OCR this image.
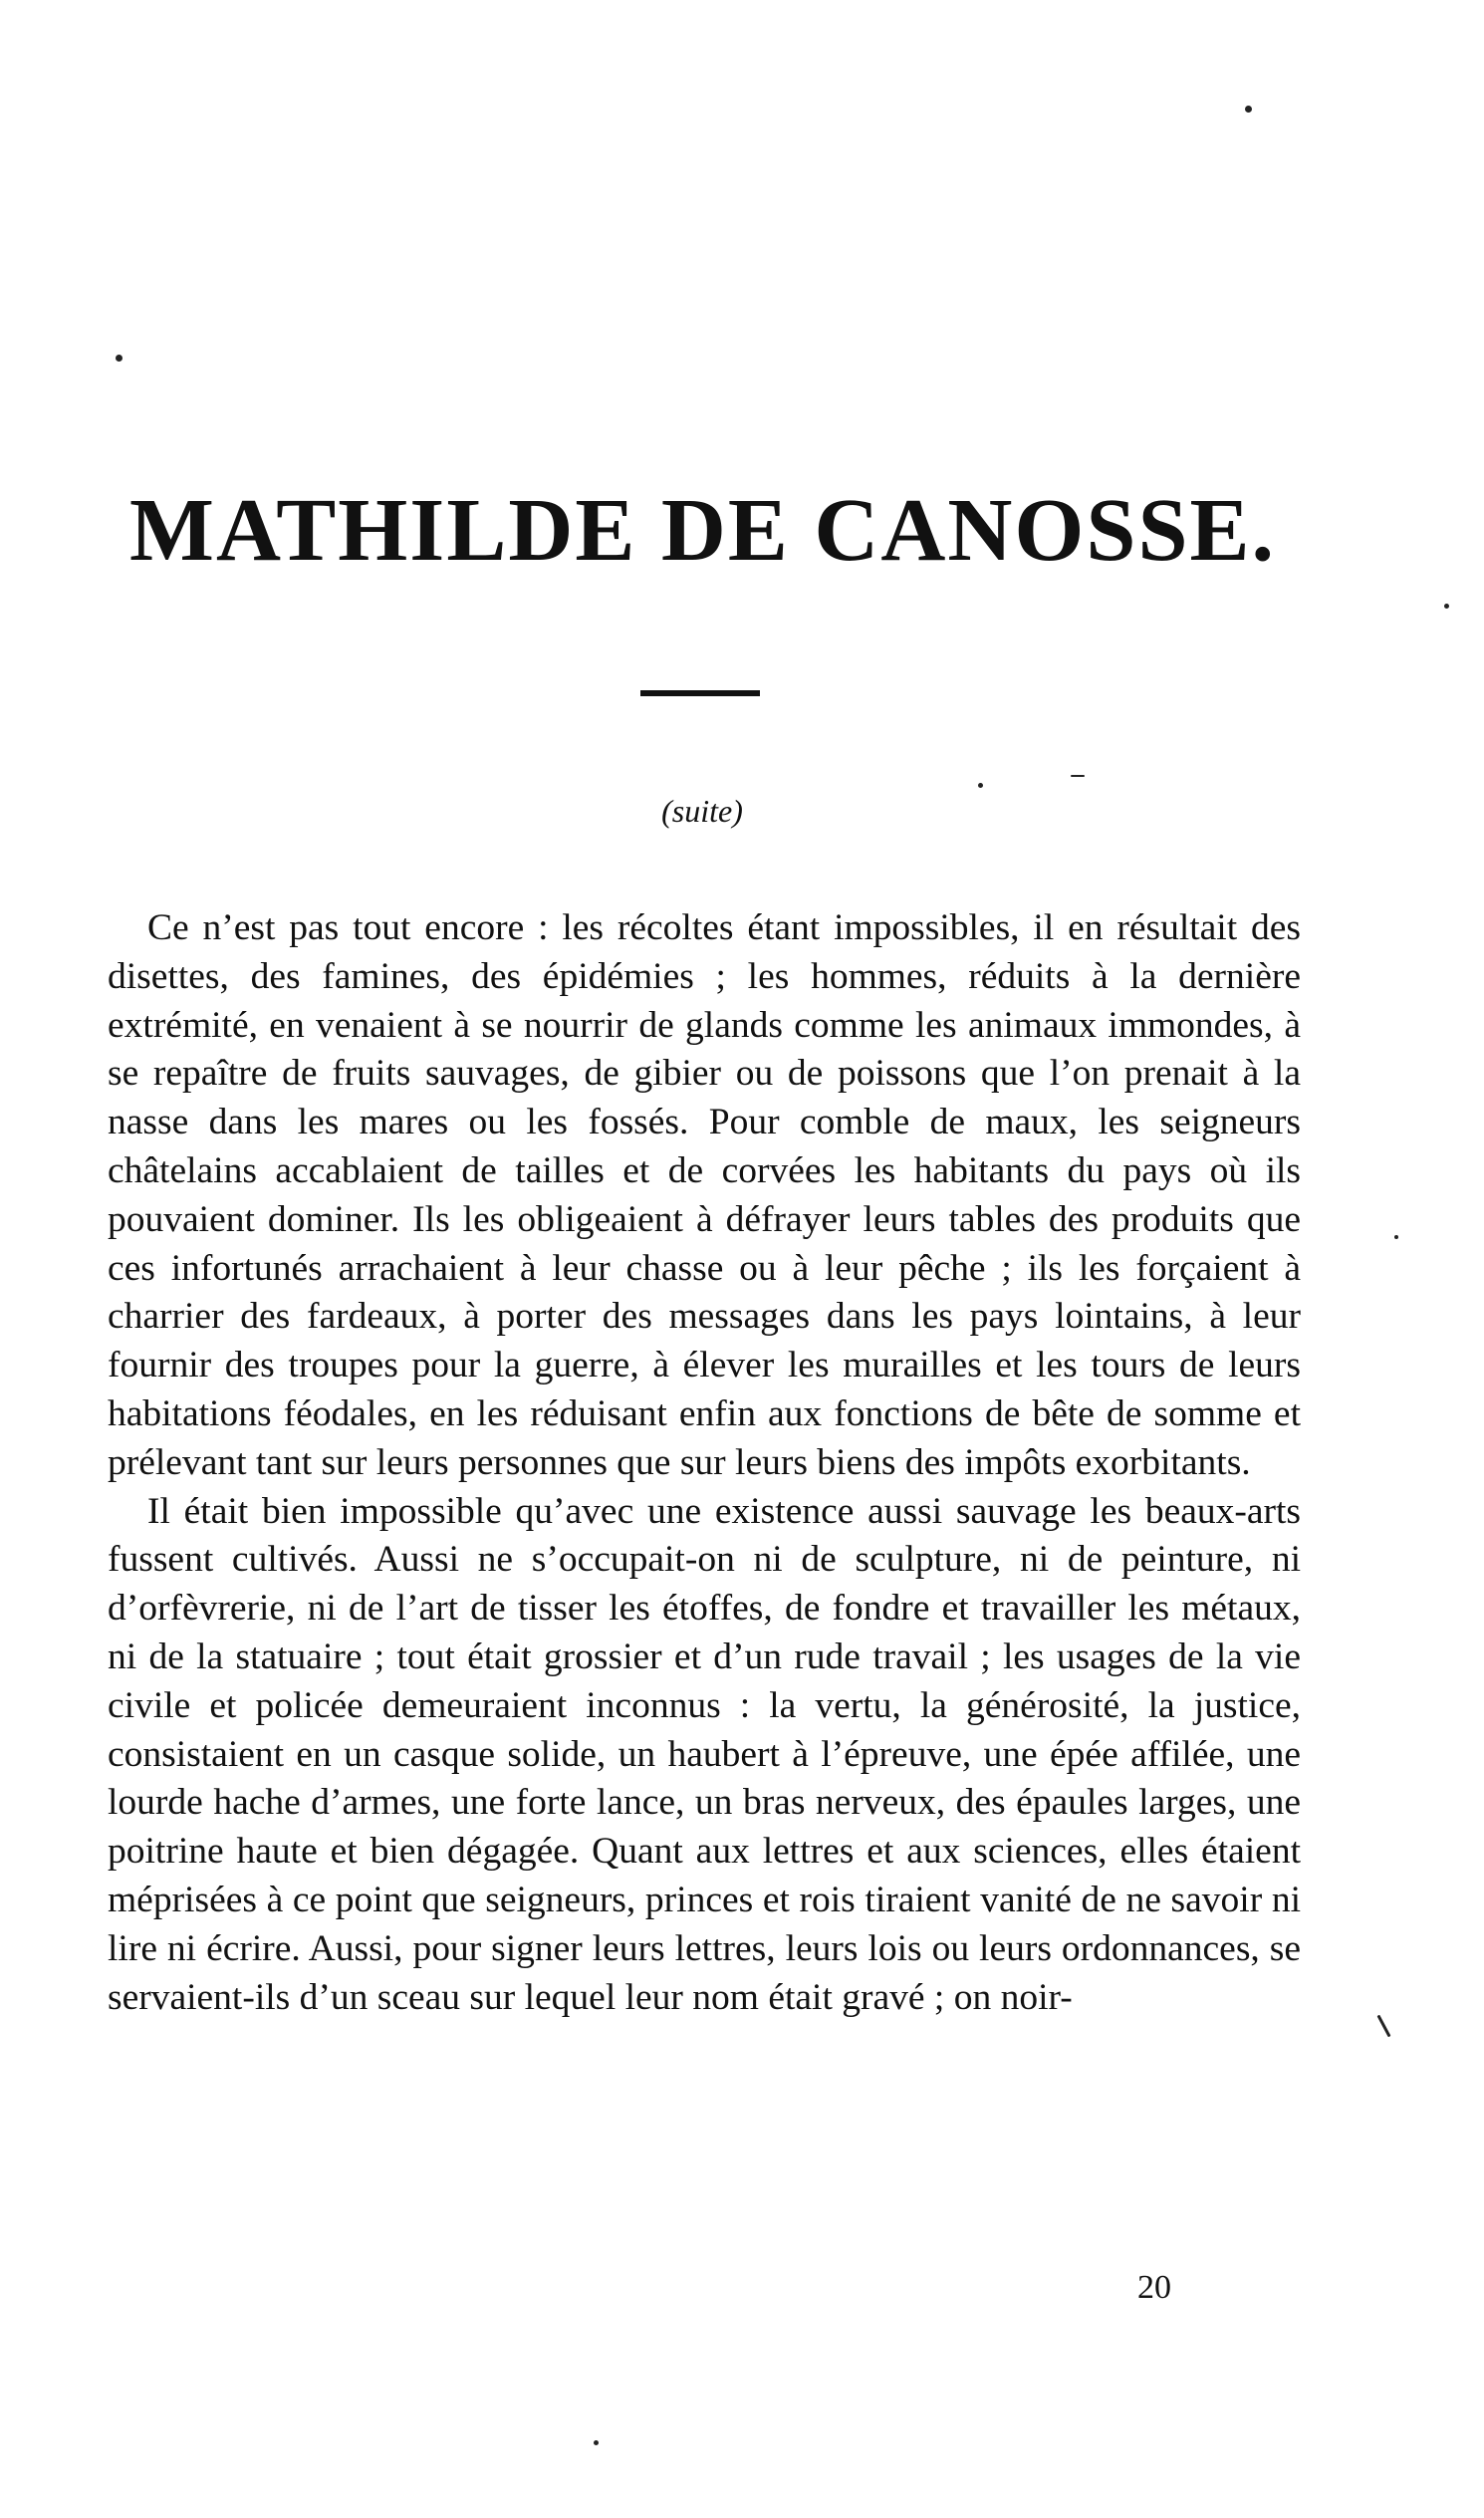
MATHILDE DE CANOSSE.
(suite)

Ce n’est pas tout encore : les récoltes étant impossibles, il en résultait des disettes, des famines, des épidémies ; les hommes, réduits à la dernière extrémité, en venaient à se nourrir de glands comme les animaux immondes, à se repaître de fruits sauvages, de gibier ou de poissons que l’on prenait à la nasse dans les mares ou les fossés. Pour comble de maux, les seigneurs châtelains accablaient de tailles et de corvées les habitants du pays où ils pouvaient dominer. Ils les obligeaient à défrayer leurs tables des produits que ces infortunés arrachaient à leur chasse ou à leur pêche ; ils les forçaient à charrier des fardeaux, à porter des messages dans les pays lointains, à leur fournir des troupes pour la guerre, à élever les murailles et les tours de leurs habitations féodales, en les réduisant enfin aux fonctions de bête de somme et prélevant tant sur leurs personnes que sur leurs biens des impôts exorbitants.

Il était bien impossible qu’avec une existence aussi sauvage les beaux-arts fussent cultivés. Aussi ne s’occupait-on ni de sculpture, ni de peinture, ni d’orfèvrerie, ni de l’art de tisser les étoffes, de fondre et travailler les métaux, ni de la statuaire ; tout était grossier et d’un rude travail ; les usages de la vie civile et policée demeuraient inconnus : la vertu, la générosité, la justice, consistaient en un casque solide, un haubert à l’épreuve, une épée affilée, une lourde hache d’armes, une forte lance, un bras nerveux, des épaules larges, une poitrine haute et bien dégagée. Quant aux lettres et aux sciences, elles étaient méprisées à ce point que seigneurs, princes et rois tiraient vanité de ne savoir ni lire ni écrire. Aussi, pour signer leurs lettres, leurs lois ou leurs ordonnances, se servaient-ils d’un sceau sur lequel leur nom était gravé ; on noir-

20
